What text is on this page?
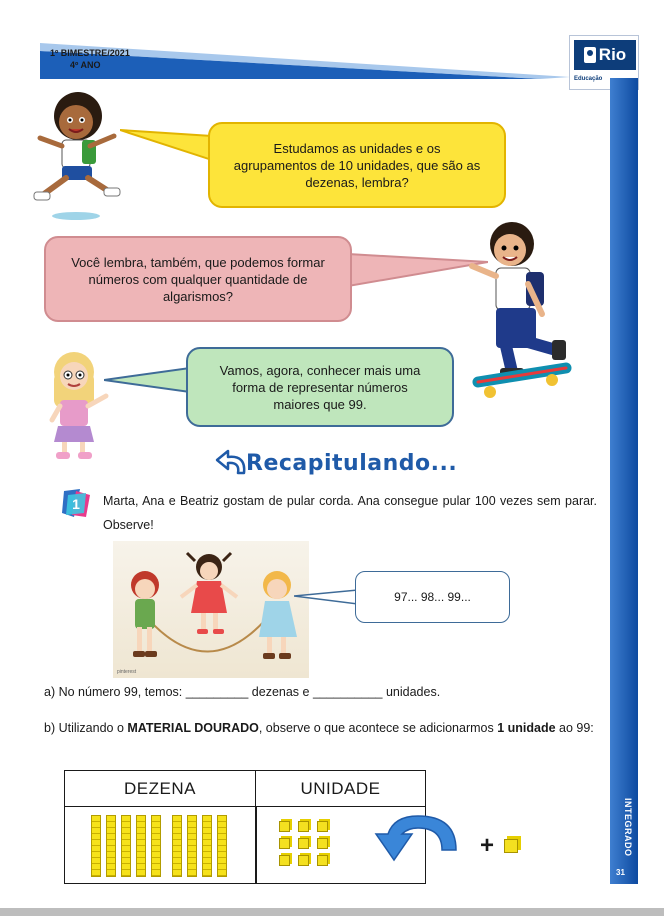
1º BIMESTRE/2021
4º ANO
Rio
Educação
INTEGRADO
31
Estudamos as unidades e os agrupamentos de 10 unidades, que são as dezenas, lembra?
Você lembra, também, que podemos formar números com qualquer quantidade de algarismos?
Vamos, agora, conhecer mais uma forma de representar números maiores que 99.
Recapitulando...
1 Marta, Ana e Beatriz gostam de pular corda. Ana consegue pular 100 vezes sem parar. Observe!
pinterest
97... 98... 99...
a) No número 99, temos: _________ dezenas e __________ unidades.
b) Utilizando o MATERIAL DOURADO, observe o que acontece se adicionarmos 1 unidade ao 99:
DEZENA	UNIDADE
+
